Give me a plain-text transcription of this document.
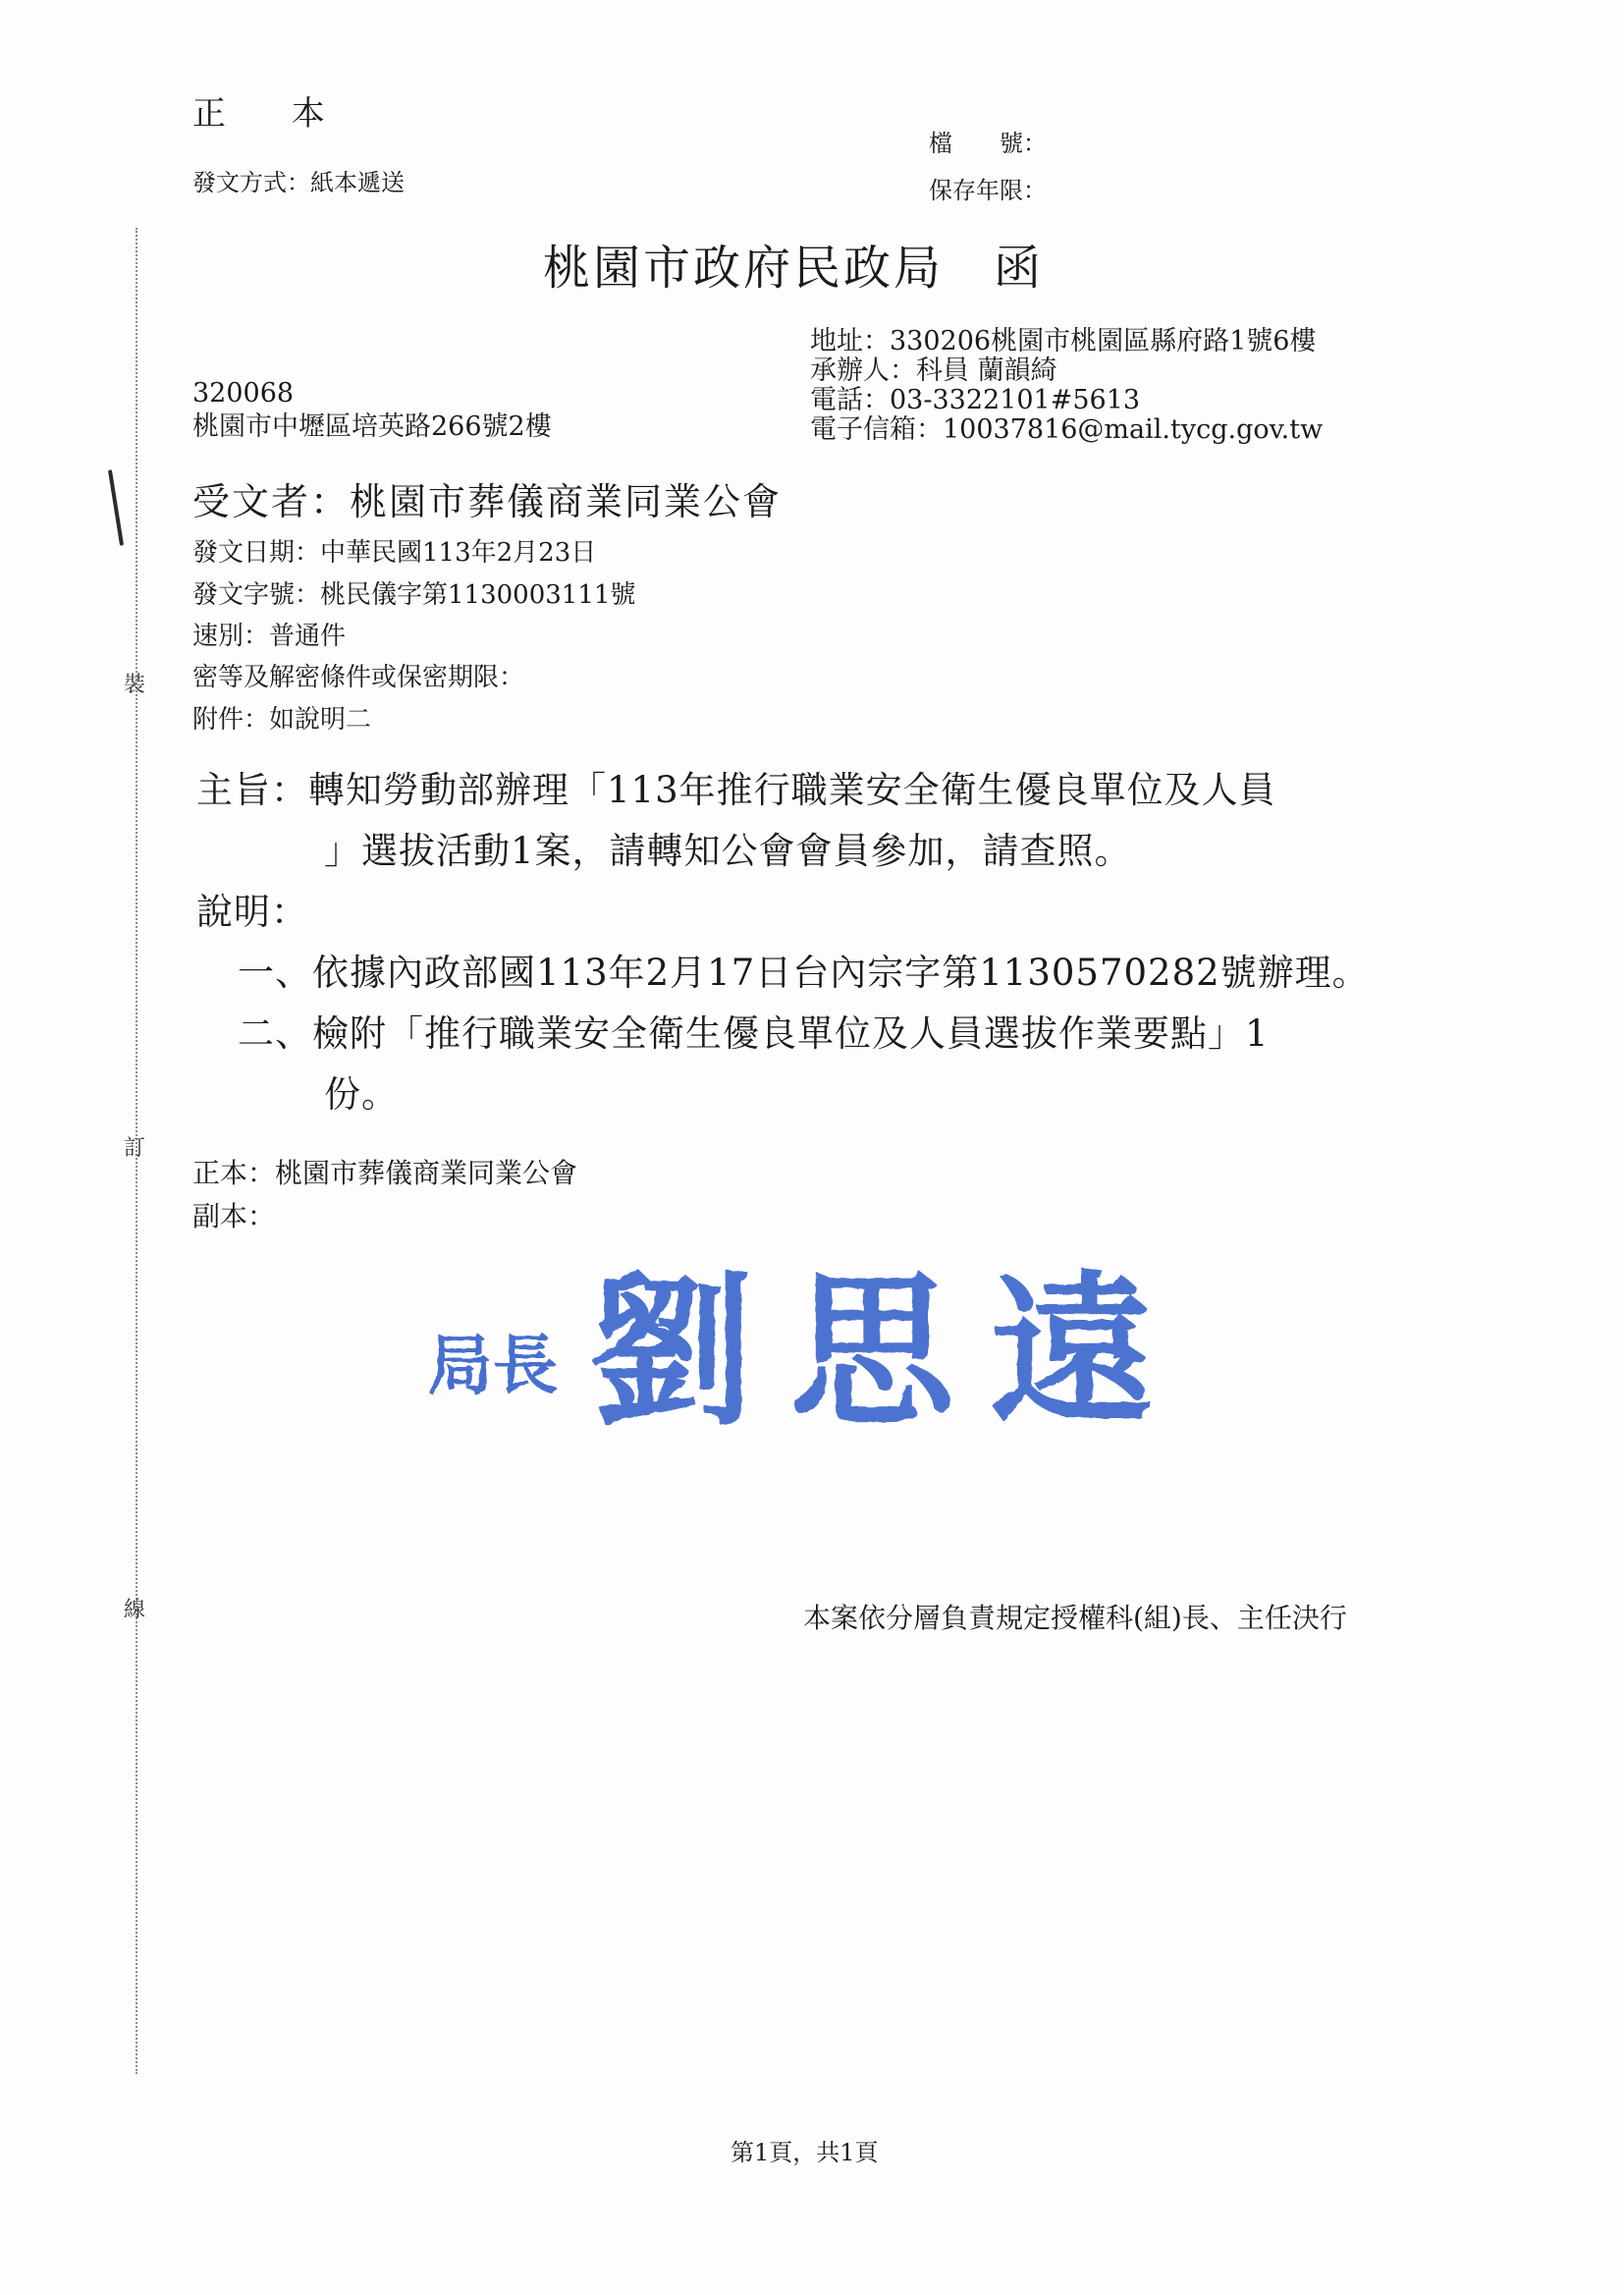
裝
訂
線
正 本
發文方式：紙本遞送
檔　　號：
保存年限：
桃園市政府民政局　函
地址：330206桃園市桃園區縣府路1號6樓
承辦人：科員 蘭韻綺
電話：03-3322101#5613
電子信箱：10037816@mail.tycg.gov.tw
320068
桃園市中壢區培英路266號2樓
受文者：桃園市葬儀商業同業公會
發文日期：中華民國113年2月23日
發文字號：桃民儀字第1130003111號
速別：普通件
密等及解密條件或保密期限：
附件：如說明二
主旨：轉知勞動部辦理「113年推行職業安全衛生優良單位及人員
」選拔活動1案，請轉知公會會員參加，請查照。
說明：
一、依據內政部國113年2月17日台內宗字第1130570282號辦理。
二、檢附「推行職業安全衛生優良單位及人員選拔作業要點」1
份。
正本：桃園市葬儀商業同業公會
副本：
局長 劉思遠
本案依分層負責規定授權科(組)長、主任決行
第1頁，共1頁
